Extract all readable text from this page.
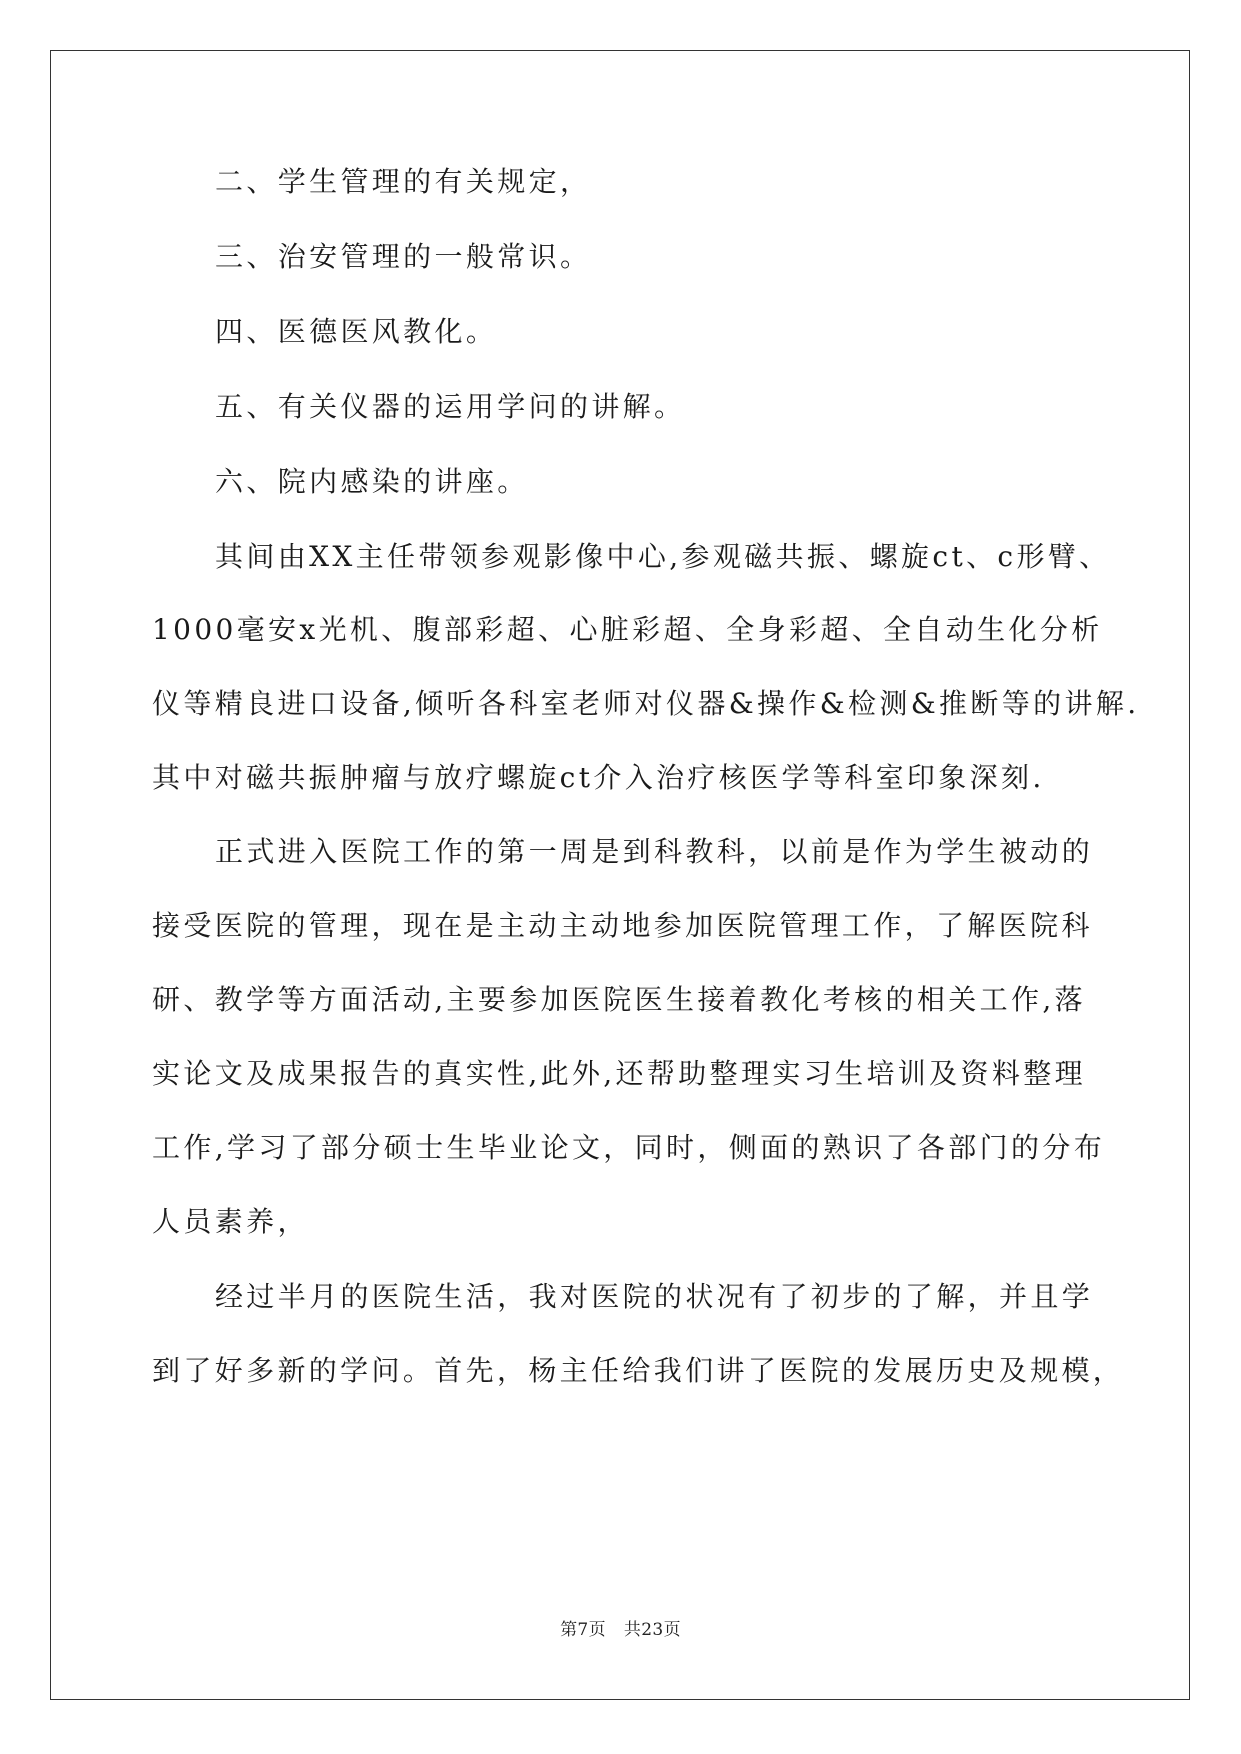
二、学生管理的有关规定，
三、治安管理的一般常识。
四、医德医风教化。
五、有关仪器的运用学问的讲解。
六、院内感染的讲座。
其间由XX主任带领参观影像中心,参观磁共振、螺旋ct、c形臂、
1000毫安x光机、腹部彩超、心脏彩超、全身彩超、全自动生化分析
仪等精良进口设备,倾听各科室老师对仪器&操作&检测&推断等的讲解.
其中对磁共振肿瘤与放疗螺旋ct介入治疗核医学等科室印象深刻.
正式进入医院工作的第一周是到科教科，以前是作为学生被动的
接受医院的管理，现在是主动主动地参加医院管理工作，了解医院科
研、教学等方面活动,主要参加医院医生接着教化考核的相关工作,落
实论文及成果报告的真实性,此外,还帮助整理实习生培训及资料整理
工作,学习了部分硕士生毕业论文，同时，侧面的熟识了各部门的分布
人员素养，
经过半月的医院生活，我对医院的状况有了初步的了解，并且学
到了好多新的学问。首先，杨主任给我们讲了医院的发展历史及规模，
第7页 共23页
